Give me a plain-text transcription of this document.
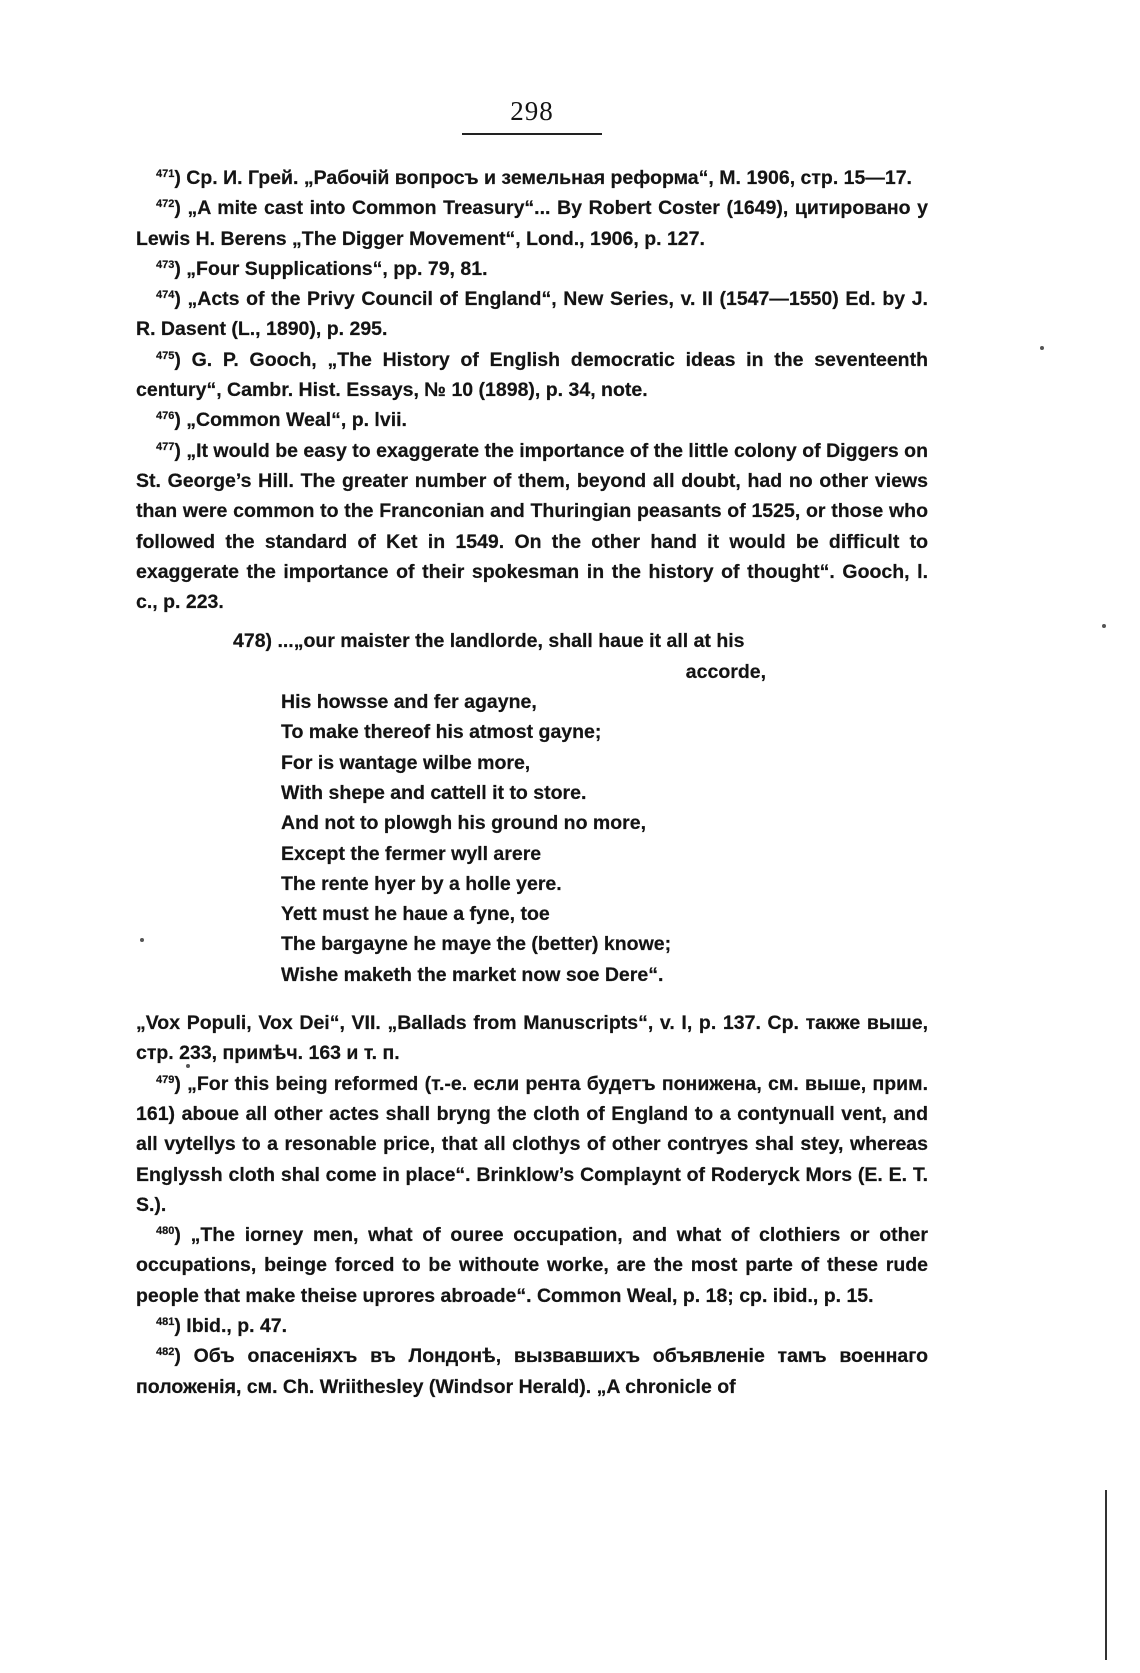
298

$^{471}$) Ср. И. Грей. „Рабочій вопросъ и земельная реформа“, М. 1906, стр. 15—17.

$^{472}$) „A mite cast into Common Treasury“... By Robert Coster (1649), цитировано у Lewis H. Berens „The Digger Movement“, Lond., 1906, p. 127.

$^{473}$) „Four Supplications“, pp. 79, 81.

$^{474}$) „Acts of the Privy Council of England“, New Series, v. II (1547—1550) Ed. by J. R. Dasent (L., 1890), p. 295.

$^{475}$) G. P. Gooch, „The History of English democratic ideas in the seventeenth century“, Cambr. Hist. Essays, № 10 (1898), p. 34, note.

$^{476}$) „Common Weal“, p. lvii.

$^{477}$) „It would be easy to exaggerate the importance of the little colony of Diggers on St. George’s Hill. The greater number of them, beyond all doubt, had no other views than were common to the Franconian and Thuringian peasants of 1525, or those who followed the standard of Ket in 1549. On the other hand it would be difficult to exaggerate the importance of their spokesman in the history of thought“. Gooch, l. c., p. 223.

478) ...„our maister the landlorde, shall haue it all at his
accorde,
His howsse and fer agayne,
To make thereof his atmost gayne;
For is wantage wilbe more,
With shepe and cattell it to store.
And not to plowgh his ground no more,
Except the fermer wyll arere
The rente hyer by a holle yere.
Yett must he haue a fyne, toe
The bargayne he maye the (better) knowe;
Wishe maketh the market now soe Dere“.

„Vox Populi, Vox Dei“, VII. „Ballads from Manuscripts“, v. I, p. 137. Ср. также выше, стр. 233, примѣч. 163 и т. п.

$^{479}$) „For this being reformed (т.-е. если рента будетъ понижена, см. выше, прим. 161) aboue all other actes shall bryng the cloth of England to a contynuall vent, and all vytellys to a resonable price, that all clothys of other contryes shal stey, whereas Englyssh cloth shal come in place“. Brinklow’s Complaynt of Roderyck Mors (E. E. T. S.).

$^{480}$) „The iorney men, what of ouree occupation, and what of clothiers or other occupations, beinge forced to be withoute worke, are the most parte of these rude people that make theise uprores abroade“. Common Weal, p. 18; cp. ibid., p. 15.

$^{481}$) Ibid., p. 47.

$^{482}$) Объ опасеніяхъ въ Лондонѣ, вызвавшихъ объявленіе тамъ военнаго положенія, см. Ch. Wriithesley (Windsor Herald). „A chronicle of
